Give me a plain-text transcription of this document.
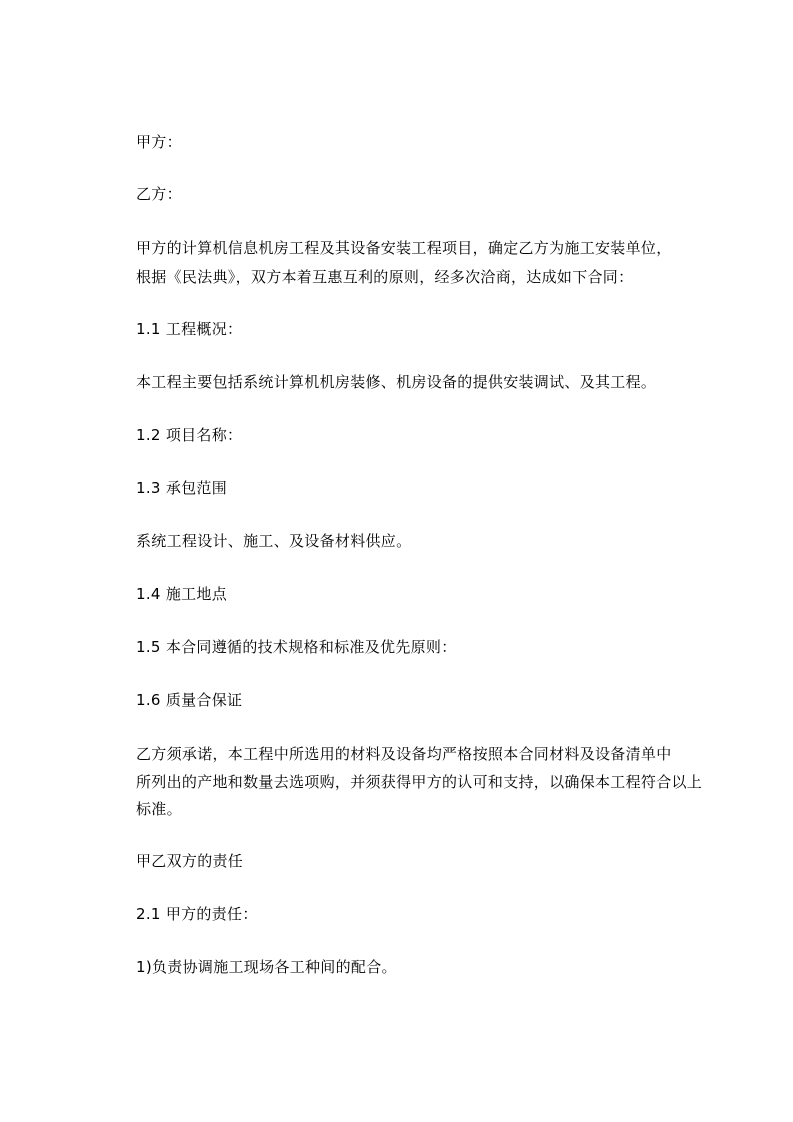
甲方：

乙方：

甲方的计算机信息机房工程及其设备安装工程项目，确定乙方为施工安装单位，

根据《民法典》，双方本着互惠互利的原则，经多次洽商，达成如下合同：

1.1 工程概况：

本工程主要包括系统计算机机房装修、机房设备的提供安装调试、及其工程。

1.2 项目名称：

1.3 承包范围

系统工程设计、施工、及设备材料供应。

1.4 施工地点

1.5 本合同遵循的技术规格和标准及优先原则：

1.6 质量合保证

乙方须承诺，本工程中所选用的材料及设备均严格按照本合同材料及设备清单中

所列出的产地和数量去选项购，并须获得甲方的认可和支持，以确保本工程符合以上

标准。

甲乙双方的责任

2.1 甲方的责任：

1)负责协调施工现场各工种间的配合。
